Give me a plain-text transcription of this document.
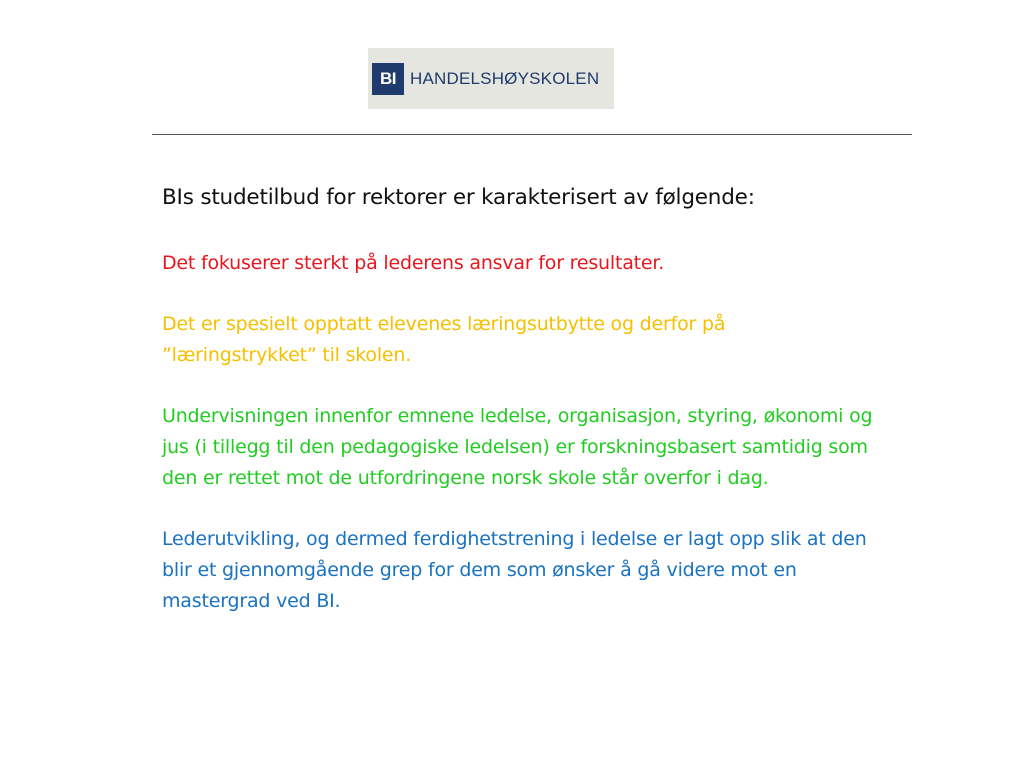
BI HANDELSHØYSKOLEN
BIs studetilbud for rektorer er karakterisert av følgende:
Det fokuserer sterkt på lederens ansvar for resultater.
Det er spesielt opptatt elevenes læringsutbytte og derfor på ”læringstrykket” til skolen.
Undervisningen innenfor emnene ledelse, organisasjon, styring, økonomi og jus (i tillegg til den pedagogiske ledelsen) er forskningsbasert samtidig som den er rettet mot de utfordringene norsk skole står overfor i dag.
Lederutvikling, og dermed ferdighetstrening i ledelse er lagt opp slik at den blir et gjennomgående grep for dem som ønsker å gå videre mot en mastergrad ved BI.
